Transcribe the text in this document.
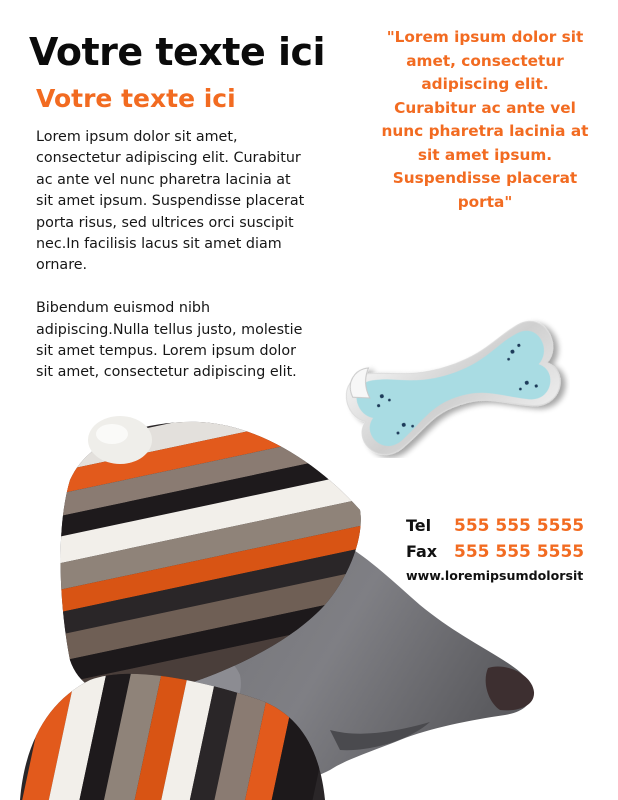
Votre texte ici
Votre texte ici

Lorem ipsum dolor sit amet, consectetur adipiscing elit. Curabitur ac ante vel nunc pharetra lacinia at sit amet ipsum. Suspendisse placerat porta risus, sed ultrices orci suscipit nec.In facilisis lacus sit amet diam ornare.

Bibendum euismod nibh adipiscing.Nulla tellus justo, molestie sit amet tempus. Lorem ipsum dolor sit amet, consectetur adipiscing elit.

"Lorem ipsum dolor sit amet, consectetur adipiscing elit. Curabitur ac ante vel nunc pharetra lacinia at sit amet ipsum. Suspendisse placerat porta"
Tel	555 555 5555
Fax 555 555 5555
www.loremipsumdolorsit
